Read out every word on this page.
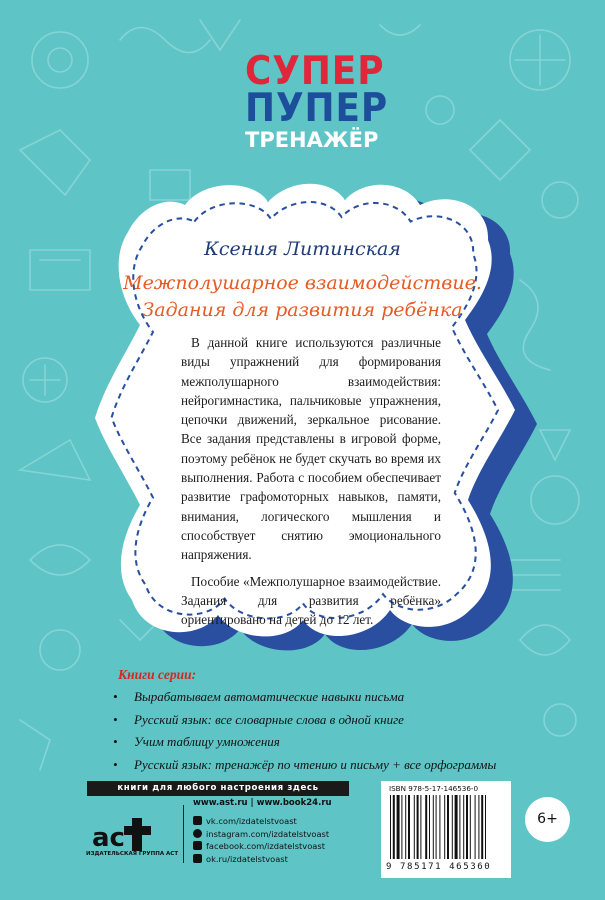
СУПЕР
ПУПЕР
ТРЕНАЖЁР
Ксения Литинская
Межполушарное взаимодействие.
Задания для развития ребёнка

В данной книге используются различные виды упражнений для формирования межполушарного взаимодействия: нейрогимнастика, пальчиковые упражнения, цепочки движений, зеркальное рисование. Все задания представлены в игровой форме, поэтому ребёнок не будет скучать во время их выполнения. Работа с пособием обеспечивает развитие графомоторных навыков, памяти, внимания, логического мышления и способствует снятию эмоционального напряжения.

Пособие «Межполушарное взаимодействие. Задания для развития ребёнка» ориентировано на детей до 12 лет.

Книги серии:
• Вырабатываем автоматические навыки письма
• Русский язык: все словарные слова в одной книге
• Учим таблицу умножения
• Русский язык: тренажёр по чтению и письму + все орфограммы
книги для любого настроения здесь
ac
ИЗДАТЕЛЬСКАЯ ГРУППА АСТ
www.ast.ru | www.book24.ru
vk.com/izdatelstvoast
instagram.com/izdatelstvoast
facebook.com/izdatelstvoast
ok.ru/izdatelstvoast
ISBN 978-5-17-146536-0
9 785171 465360
6+
